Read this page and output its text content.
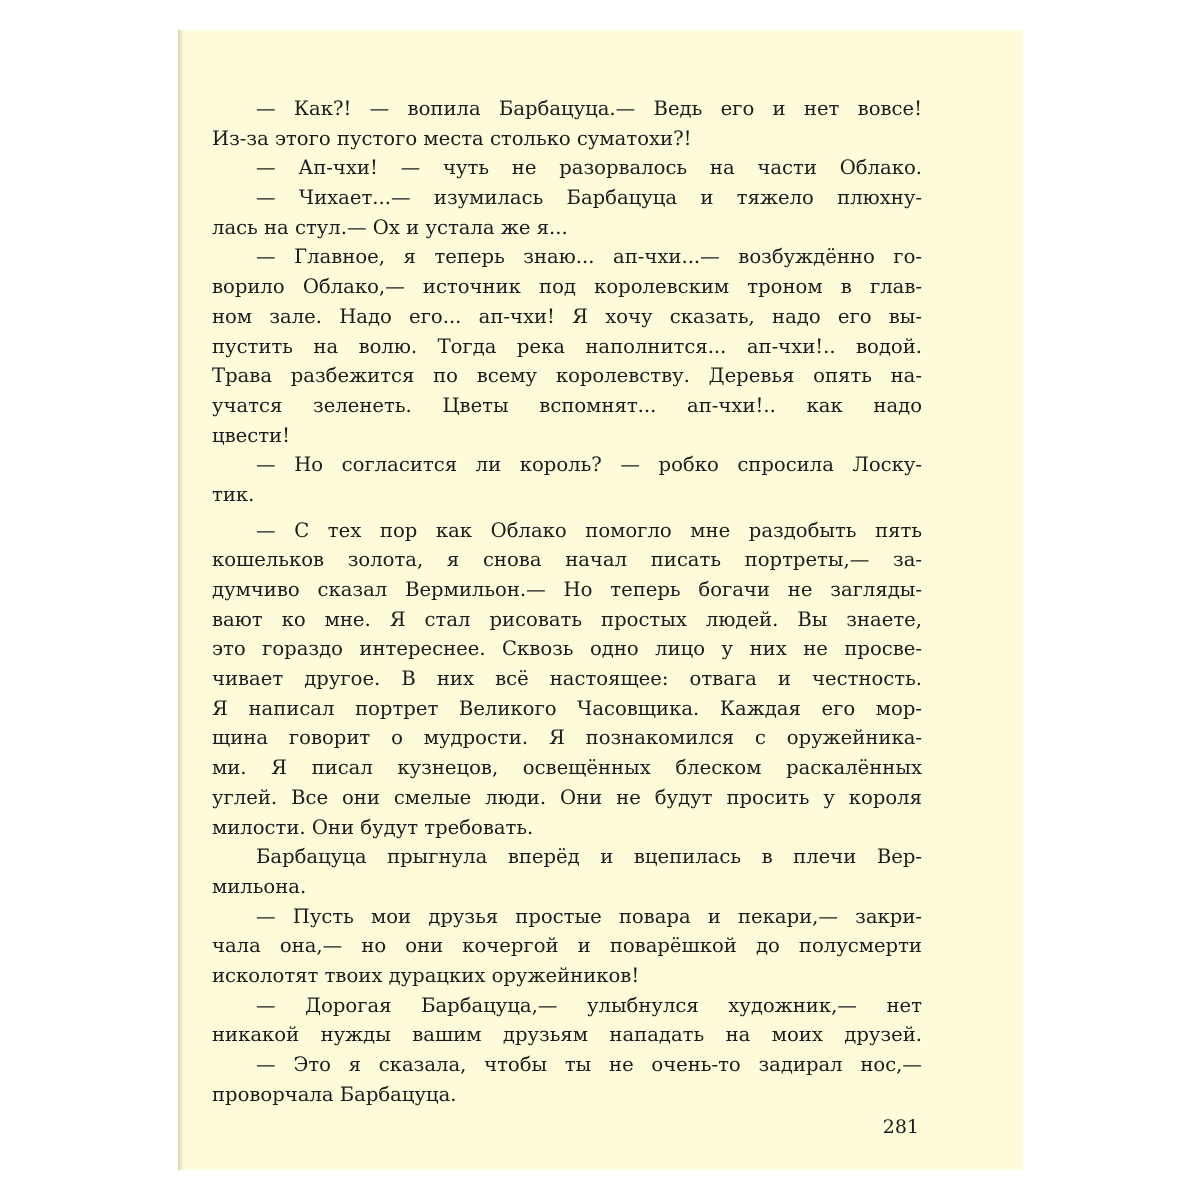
— Как?! — вопила Барбацуца.— Ведь его и нет вовсе!
Из-за этого пустого места столько суматохи?!
— Ап-чхи! — чуть не разорвалось на части Облако.
— Чихает...— изумилась Барбацуца и тяжело плюхну-
лась на стул.— Ох и устала же я...
— Главное, я теперь знаю... ап-чхи...— возбуждённо го-
ворило Облако,— источник под королевским троном в глав-
ном зале. Надо его... ап-чхи! Я хочу сказать, надо его вы-
пустить на волю. Тогда река наполнится... ап-чхи!.. водой.
Трава разбежится по всему королевству. Деревья опять на-
учатся зеленеть. Цветы вспомнят... ап-чхи!.. как надо
цвести!
— Но согласится ли король? — робко спросила Лоску-
тик.
— С тех пор как Облако помогло мне раздобыть пять
кошельков золота, я снова начал писать портреты,— за-
думчиво сказал Вермильон.— Но теперь богачи не загляды-
вают ко мне. Я стал рисовать простых людей. Вы знаете,
это гораздо интереснее. Сквозь одно лицо у них не просве-
чивает другое. В них всё настоящее: отвага и честность.
Я написал портрет Великого Часовщика. Каждая его мор-
щина говорит о мудрости. Я познакомился с оружейника-
ми. Я писал кузнецов, освещённых блеском раскалённых
углей. Все они смелые люди. Они не будут просить у короля
милости. Они будут требовать.
Барбацуца прыгнула вперёд и вцепилась в плечи Вер-
мильона.
— Пусть мои друзья простые повара и пекари,— закри-
чала она,— но они кочергой и поварёшкой до полусмерти
исколотят твоих дурацких оружейников!
— Дорогая Барбацуца,— улыбнулся художник,— нет
никакой нужды вашим друзьям нападать на моих друзей.
— Это я сказала, чтобы ты не очень-то задирал нос,—
проворчала Барбацуца.
281
